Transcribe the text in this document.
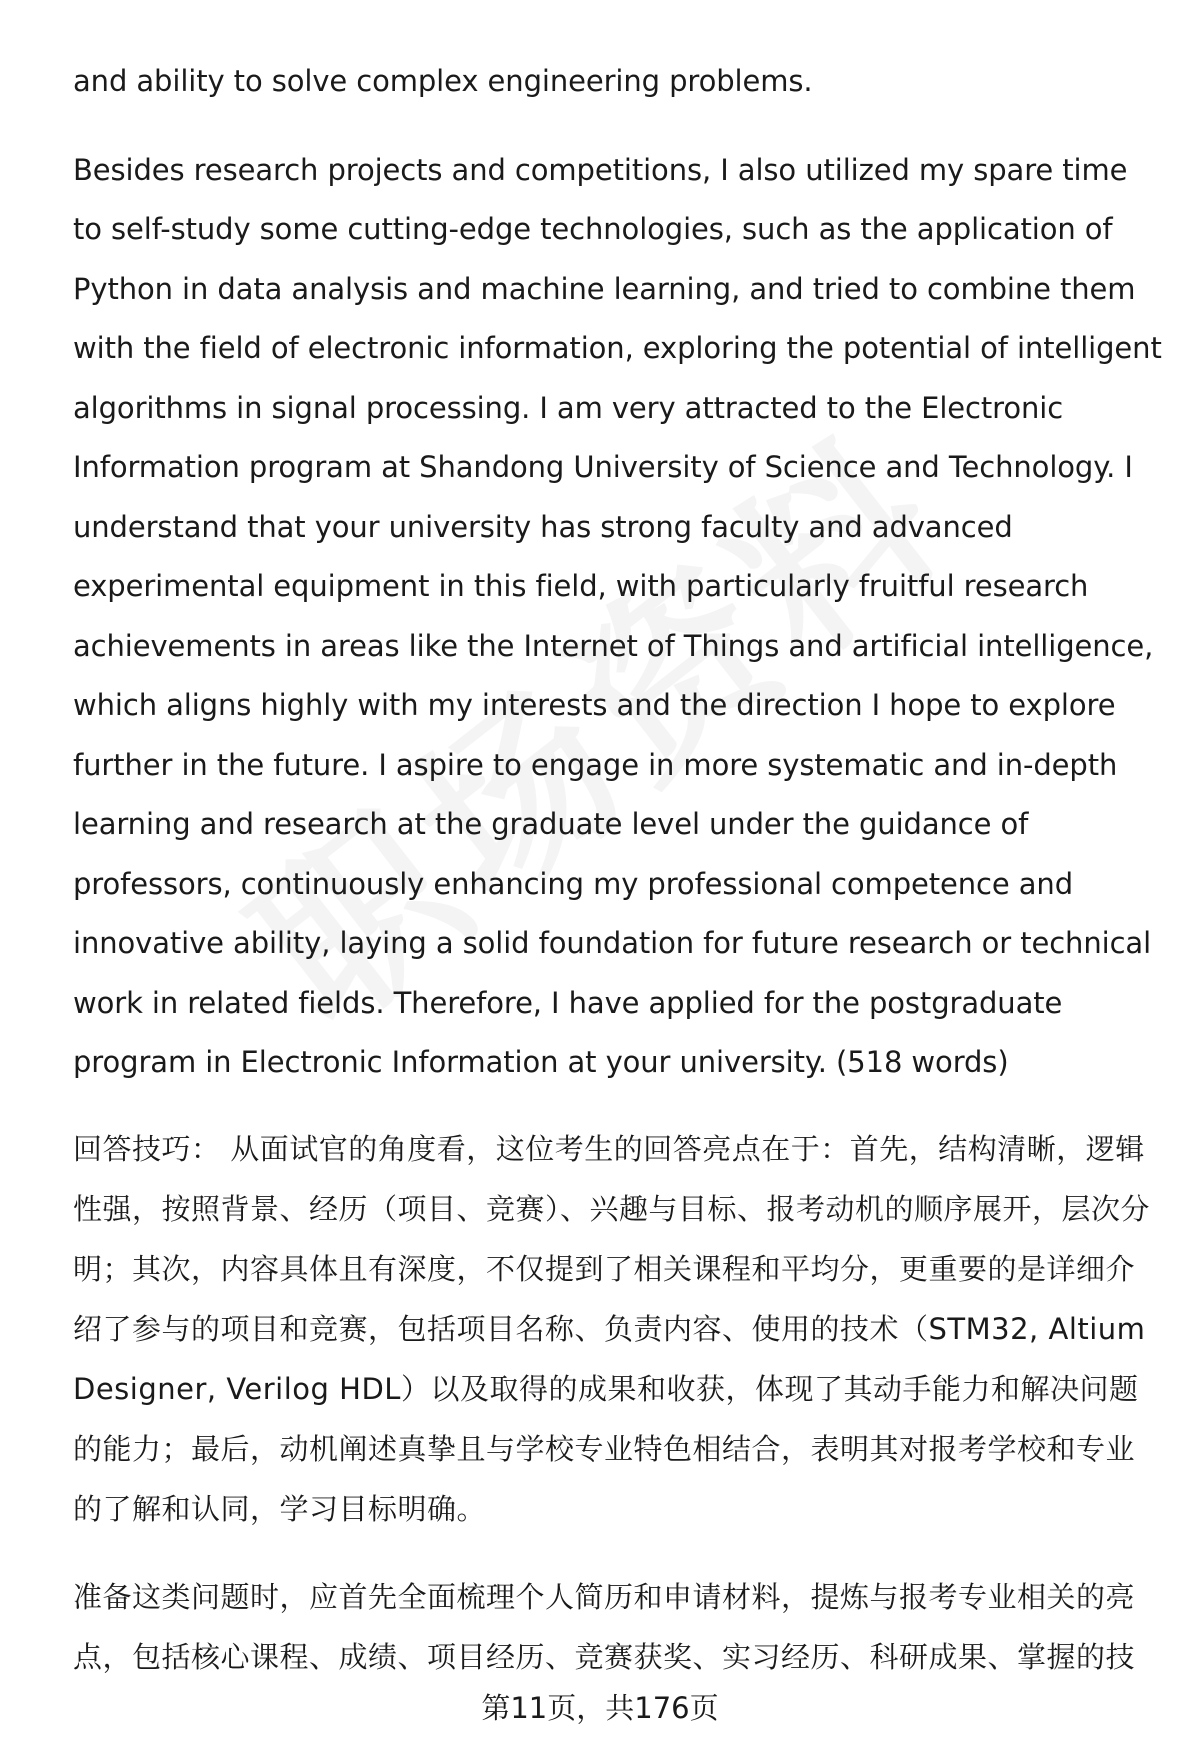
and ability to solve complex engineering problems.

Besides research projects and competitions, I also utilized my spare time to self-study some cutting-edge technologies, such as the application of Python in data analysis and machine learning, and tried to combine them with the field of electronic information, exploring the potential of intelligent algorithms in signal processing. I am very attracted to the Electronic Information program at Shandong University of Science and Technology. I understand that your university has strong faculty and advanced experimental equipment in this field, with particularly fruitful research achievements in areas like the Internet of Things and artificial intelligence, which aligns highly with my interests and the direction I hope to explore further in the future. I aspire to engage in more systematic and in-depth learning and research at the graduate level under the guidance of professors, continuously enhancing my professional competence and innovative ability, laying a solid foundation for future research or technical work in related fields. Therefore, I have applied for the postgraduate program in Electronic Information at your university. (518 words)

回答技巧： 从面试官的角度看，这位考生的回答亮点在于：首先，结构清晰，逻辑性强，按照背景、经历（项目、竞赛）、兴趣与目标、报考动机的顺序展开，层次分明；其次，内容具体且有深度，不仅提到了相关课程和平均分，更重要的是详细介绍了参与的项目和竞赛，包括项目名称、负责内容、使用的技术（STM32, Altium Designer, Verilog HDL）以及取得的成果和收获，体现了其动手能力和解决问题的能力；最后，动机阐述真挚且与学校专业特色相结合，表明其对报考学校和专业的了解和认同，学习目标明确。

准备这类问题时，应首先全面梳理个人简历和申请材料，提炼与报考专业相关的亮点，包括核心课程、成绩、项目经历、竞赛获奖、实习经历、科研成果、掌握的技

第11页，共176页
